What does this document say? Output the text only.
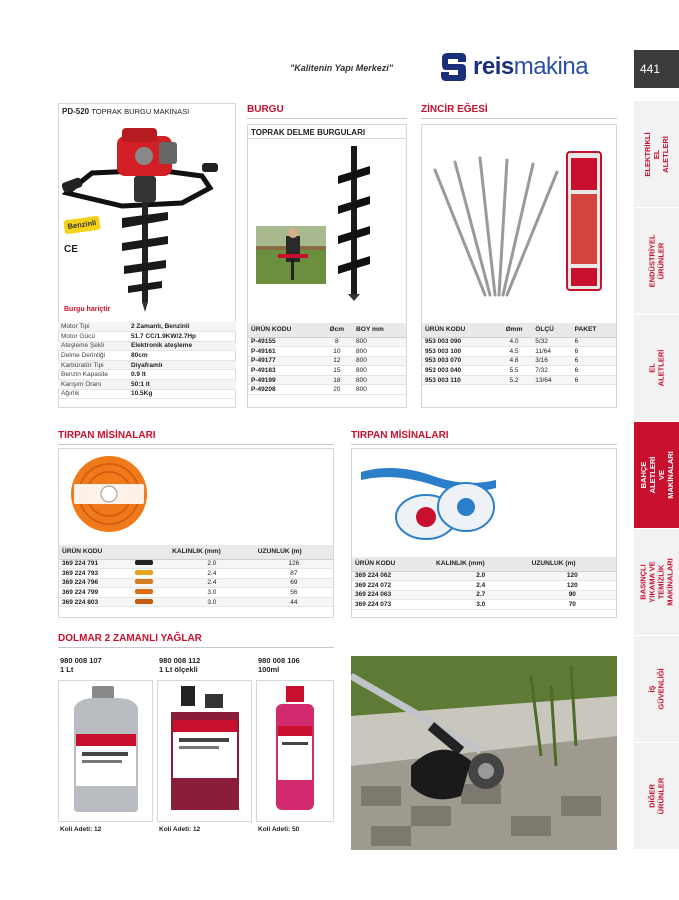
"Kalitenin Yapı Merkezi"	reismakina	441
ELEKTRİKLİ EL ALETLERİ
ENDÜSTRİYEL ÜRÜNLER
EL ALETLERİ
BAHÇE ALETLERİ VE MAKİNALARI
BASINÇLI YIKAMA VE TEMİZLİK MAKİNALARI
İŞ GÜVENLİĞİ
DİĞER ÜRÜNLER
PD-520 TOPRAK BURGU MAKİNASI
Benzinli
CE
Burgu hariçtir
Motor Tipi	2 Zamanlı, Benzinli
Motor Gücü	51.7 CC/1.9KW/2.7Hp
Ateşleme Şekli	Elektronik ateşleme
Delme Derinliği	80cm
Karbüratör Tipi	Diyaframlı
Benzin Kapasite	0.9 lt
Karışım Oranı	50:1 lt
Ağırlık	10.5Kg
BURGU
TOPRAK DELME BURGULARI
ÜRÜN KODU	Øcm	BOY mm
P-49155	8	800
P-49161	10	800
P-49177	12	800
P-49183	15	800
P-49199	18	800
P-49208	20	800
ZİNCİR EĞESİ
ÜRÜN KODU	Ømm	ÖLÇÜ	PAKET
953 003 090	4.0	5/32	6
953 003 100	4.5	11/64	6
953 003 070	4.8	3/16	6
953 003 040	5.5	7/32	6
953 003 110	5.2	13/64	6
TIRPAN MİSİNALARI
ÜRÜN KODU		KALINLIK (mm)	UZUNLUK (m)
369 224 791		2.0	126
369 224 793		2.4	87
369 224 796		2.4	69
369 224 799		3.0	56
369 224 803		3.0	44
TIRPAN MİSİNALARI
ÜRÜN KODU	KALINLIK (mm)	UZUNLUK (m)
369 224 062	2.0	120
369 224 072	2.4	120
369 224 063	2.7	90
369 224 073	3.0	70
DOLMAR 2 ZAMANLI YAĞLAR
980 008 107
1 Lt
980 008 112
1 Lt ölçekli
980 008 106
100ml
Koli Adeti: 12	Koli Adeti: 12	Koli Adeti: 50
